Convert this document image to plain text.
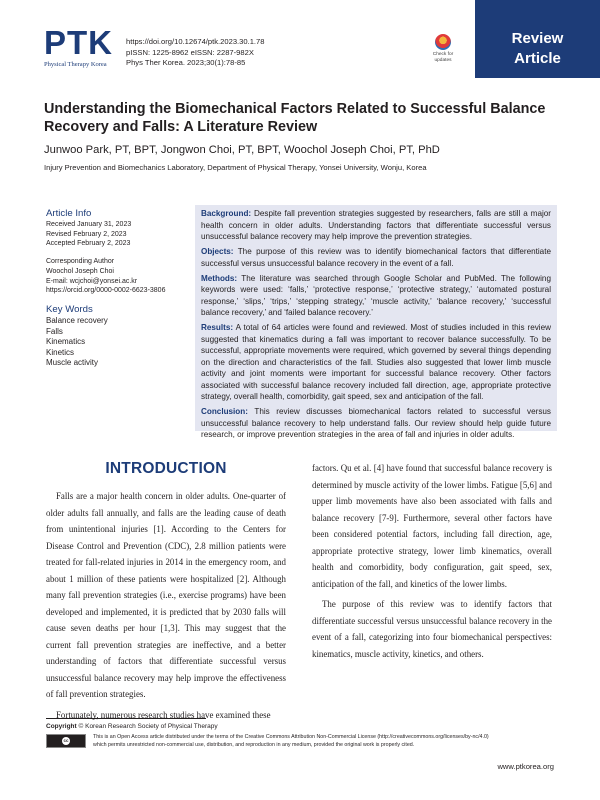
PTK
Physical Therapy Korea
https://doi.org/10.12674/ptk.2023.30.1.78
pISSN: 1225-8962 eISSN: 2287-982X
Phys Ther Korea. 2023;30(1):78-85
Check for
updates
Review
Article
Understanding the Biomechanical Factors Related to Successful Balance Recovery and Falls: A Literature Review
Junwoo Park, PT, BPT, Jongwon Choi, PT, BPT, Woochol Joseph Choi, PT, PhD
Injury Prevention and Biomechanics Laboratory, Department of Physical Therapy, Yonsei University, Wonju, Korea
Article Info
Received January 31, 2023
Revised February 2, 2023
Accepted February 2, 2023
Corresponding Author
Woochol Joseph Choi
E-mail: wcjchoi@yonsei.ac.kr
https://orcid.org/0000-0002-6623-3806
Key Words
Balance recovery
Falls
Kinematics
Kinetics
Muscle activity

Background: Despite fall prevention strategies suggested by researchers, falls are still a major health concern in older adults. Understanding factors that differentiate successful versus unsuccessful balance recovery may help improve the prevention strategies.

Objects: The purpose of this review was to identify biomechanical factors that differentiate successful versus unsuccessful balance recovery in the event of a fall.

Methods: The literature was searched through Google Scholar and PubMed. The following keywords were used: ‘falls,’ ‘protective response,’ ‘protective strategy,’ ‘automated postural response,’ ‘slips,’ ‘trips,’ ‘stepping strategy,’ ‘muscle activity,’ ‘balance recovery,’ ‘successful balance recovery,’ and ‘failed balance recovery.’

Results: A total of 64 articles were found and reviewed. Most of studies included in this review suggested that kinematics during a fall was important to recover balance successfully. To be successful, appropriate movements were required, which governed by several things depending on the direction and characteristics of the fall. Studies also suggested that lower limb muscle activity and joint moments were important for successful balance recovery. Other factors associated with successful balance recovery included fall direction, age, appropriate protective strategy, overall health, comorbidity, gait speed, sex and anticipation of the fall.

Conclusion: This review discusses biomechanical factors related to successful versus unsuccessful balance recovery to help understand falls. Our review should help guide future research, or improve prevention strategies in the area of fall and injuries in older adults.

INTRODUCTION

Falls are a major health concern in older adults. One-quarter of older adults fall annually, and falls are the leading cause of death from unintentional injuries [1]. According to the Centers for Disease Control and Prevention (CDC), 2.8 million patients were treated for fall-related injuries in 2014 in the emergency room, and about 1 million of these patients were hospitalized [2]. Although many fall prevention strategies (i.e., exercise programs) have been developed and implemented, it is predicted that by 2030 falls will cause seven deaths per hour [1,3]. This may suggest that the current fall prevention strategies are ineffective, and a better understanding of factors that differentiate successful versus unsuccessful balance recovery may help improve the effectiveness of fall prevention strategies.

Fortunately, numerous research studies have examined these

factors. Qu et al. [4] have found that successful balance recovery is determined by muscle activity of the lower limbs. Fatigue [5,6] and upper limb movements have also been associated with falls and balance recovery [7-9]. Furthermore, several other factors have been considered potential factors, including fall direction, age, appropriate protective strategy, lower limb kinematics, overall health and comorbidity, body configuration, gait speed, sex, anticipation of the fall, and kinetics of the lower limbs.

The purpose of this review was to identify factors that differentiate successful versus unsuccessful balance recovery in the event of a fall, categorizing into four biomechanical perspectives: kinematics, muscle activity, kinetics, and others.

Copyright © Korean Research Society of Physical Therapy
cc
This is an Open Access article distributed under the terms of the Creative Commons Attribution Non-Commercial License (http://creativecommons.org/licenses/by-nc/4.0)
which permits unrestricted non-commercial use, distribution, and reproduction in any medium, provided the original work is properly cited.
www.ptkorea.org
